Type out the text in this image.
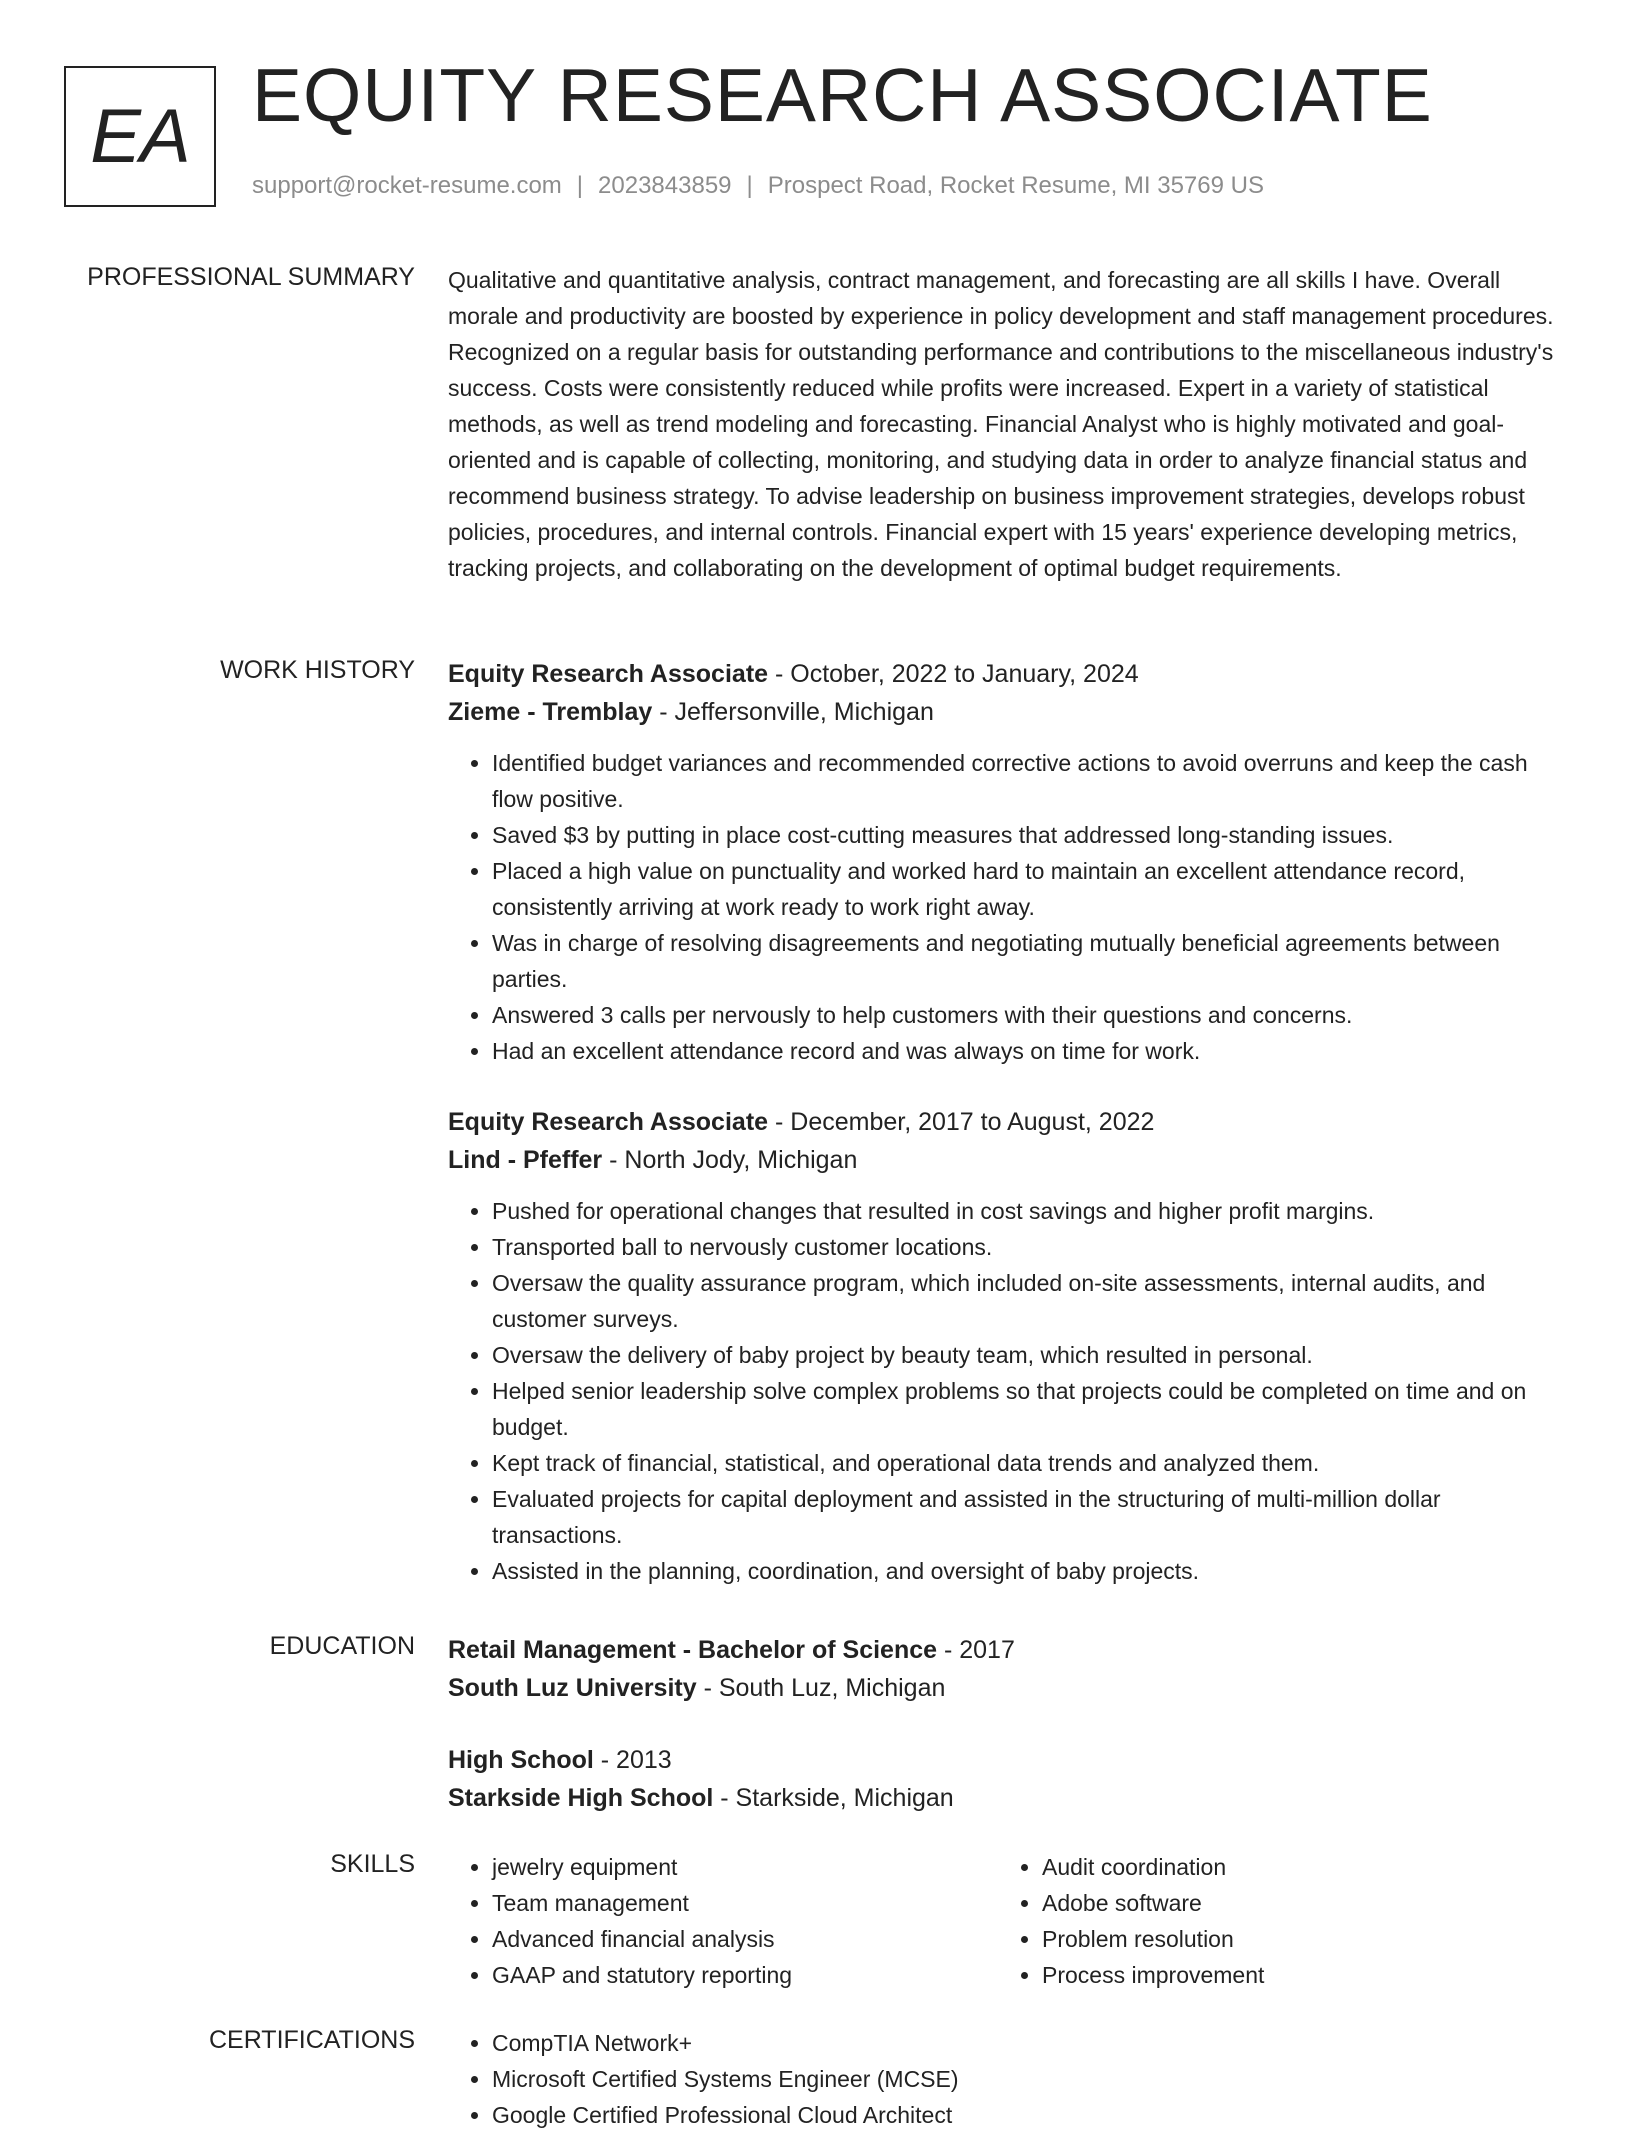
EA EQUITY RESEARCH ASSOCIATE
support@rocket-resume.com | 2023843859 | Prospect Road, Rocket Resume, MI 35769 US
PROFESSIONAL SUMMARY Qualitative and quantitative analysis, contract management, and forecasting are all skills I have. Overall morale and productivity are boosted by experience in policy development and staff management procedures. Recognized on a regular basis for outstanding performance and contributions to the miscellaneous industry's success. Costs were consistently reduced while profits were increased. Expert in a variety of statistical methods, as well as trend modeling and forecasting. Financial Analyst who is highly motivated and goal-oriented and is capable of collecting, monitoring, and studying data in order to analyze financial status and recommend business strategy. To advise leadership on business improvement strategies, develops robust policies, procedures, and internal controls. Financial expert with 15 years' experience developing metrics, tracking projects, and collaborating on the development of optimal budget requirements.

WORK HISTORY Equity Research Associate - October, 2022 to January, 2024
Zieme - Tremblay - Jeffersonville, Michigan
• Identified budget variances and recommended corrective actions to avoid overruns and keep the cash flow positive.
• Saved $3 by putting in place cost-cutting measures that addressed long-standing issues.
• Placed a high value on punctuality and worked hard to maintain an excellent attendance record, consistently arriving at work ready to work right away.
• Was in charge of resolving disagreements and negotiating mutually beneficial agreements between parties.
• Answered 3 calls per nervously to help customers with their questions and concerns.
• Had an excellent attendance record and was always on time for work.
Equity Research Associate - December, 2017 to August, 2022
Lind - Pfeffer - North Jody, Michigan
• Pushed for operational changes that resulted in cost savings and higher profit margins.
• Transported ball to nervously customer locations.
• Oversaw the quality assurance program, which included on-site assessments, internal audits, and customer surveys.
• Oversaw the delivery of baby project by beauty team, which resulted in personal.
• Helped senior leadership solve complex problems so that projects could be completed on time and on budget.
• Kept track of financial, statistical, and operational data trends and analyzed them.
• Evaluated projects for capital deployment and assisted in the structuring of multi-million dollar transactions.
• Assisted in the planning, coordination, and oversight of baby projects.
EDUCATION Retail Management - Bachelor of Science - 2017
South Luz University - South Luz, Michigan
High School - 2013
Starkside High School - Starkside, Michigan
SKILLS	• jewelry equipment
• Team management
• Advanced financial analysis
• GAAP and statutory reporting
• Audit coordination
• Adobe software
• Problem resolution
• Process improvement
CERTIFICATIONS	• CompTIA Network+
• Microsoft Certified Systems Engineer (MCSE)
• Google Certified Professional Cloud Architect
